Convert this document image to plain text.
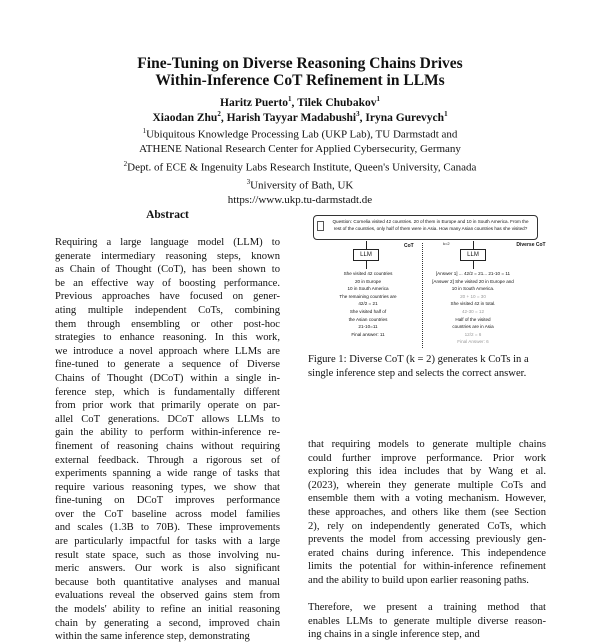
Fine-Tuning on Diverse Reasoning Chains Drives
Within-Inference CoT Refinement in LLMs
Haritz Puerto$^1$, Tilek Chubakov$^1$
Xiaodan Zhu$^2$, Harish Tayyar Madabushi$^3$, Iryna Gurevych$^1$
$^1$Ubiquitous Knowledge Processing Lab (UKP Lab), TU Darmstadt and
ATHENE National Research Center for Applied Cybersecurity, Germany
$^2$Dept. of ECE & Ingenuity Labs Research Institute, Queen's University, Canada
$^3$University of Bath, UK
https://www.ukp.tu-darmstadt.de
Abstract
Requiring a large language model (LLM) to
generate intermediary reasoning steps, known
as Chain of Thought (CoT), has been shown to
be an effective way of boosting performance.
Previous approaches have focused on gener-
ating multiple independent CoTs, combining
them through ensembling or other post-hoc
strategies to enhance reasoning. In this work,
we introduce a novel approach where LLMs are
fine-tuned to generate a sequence of Diverse
Chains of Thought (DCoT) within a single in-
ference step, which is fundamentally different
from prior work that primarily operate on par-
allel CoT generations. DCoT allows LLMs to
gain the ability to perform within-inference re-
finement of reasoning chains without requiring
external feedback. Through a rigorous set of
experiments spanning a wide range of tasks that
require various reasoning types, we show that
fine-tuning on DCoT improves performance
over the CoT baseline across model families
and scales (1.3B to 70B). These improvements
are particularly impactful for tasks with a large
result state space, such as those involving nu-
meric answers. Our work is also significant
because both quantitative analyses and manual
evaluations reveal the observed gains stem from
the models' ability to refine an initial reasoning
chain by generating a second, improved chain
within the same inference step, demonstrating
Question: Cornelia visited 42 countries. 20 of them in Europe and 10 in South America. From the rest of the countries, only half of them were in Asia. How many Asian countries has she visited?
LLM
CoT	k=2
LLM
Diverse CoT
She visited 42 countries
20 in Europe
10 in South America
The remaining countries are
42/2 = 21
She visited half of
the Asian countries
21-10=11
Final answer: 11
[Answer 1] ... 42/2 = 21... 21-10 = 11
[Answer 2] She visited 20 in Europe and
10 in South America.
20 + 10 = 30
She visited 42 in total.
42-30 = 12
Half of the visited
countries are in Asia
12/2 = 6
Final Answer: 6
Figure 1: Diverse CoT (k = 2) generates k CoTs in a single inference step and selects the correct answer.
that requiring models to generate multiple chains
could further improve performance. Prior work
exploring this idea includes that by Wang et al.
(2023), wherein they generate multiple CoTs and
ensemble them with a voting mechanism. However,
these approaches, and others like them (see Section
2), rely on independently generated CoTs, which
prevents the model from accessing previously gen-
erated chains during inference. This independence
limits the potential for within-inference refinement
and the ability to build upon earlier reasoning paths.
Therefore, we present a training method that
enables LLMs to generate multiple diverse reason-
ing chains in a single inference step, and
